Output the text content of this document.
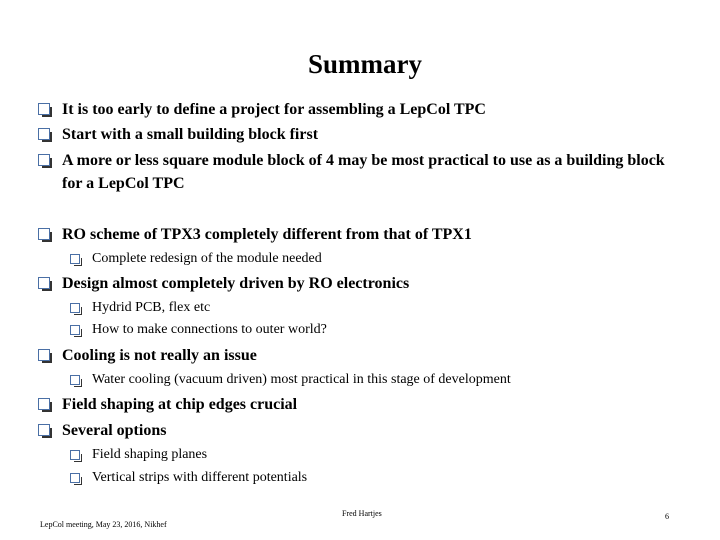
Summary
It is too early to define a project for assembling a LepCol TPC
Start with a small building block first
A more or less square module block of 4 may be most practical to use as a building block for a LepCol TPC
RO scheme of TPX3 completely different from that of TPX1
Complete redesign of the module needed
Design almost completely driven by RO electronics
Hydrid PCB, flex etc
How to make connections to outer world?
Cooling is not really an issue
Water cooling (vacuum driven) most practical in this stage of development
Field shaping at chip edges crucial
Several options
Field shaping planes
Vertical strips with different potentials
Fred Hartjes
LepCol meeting, May 23, 2016, Nikhef
6
